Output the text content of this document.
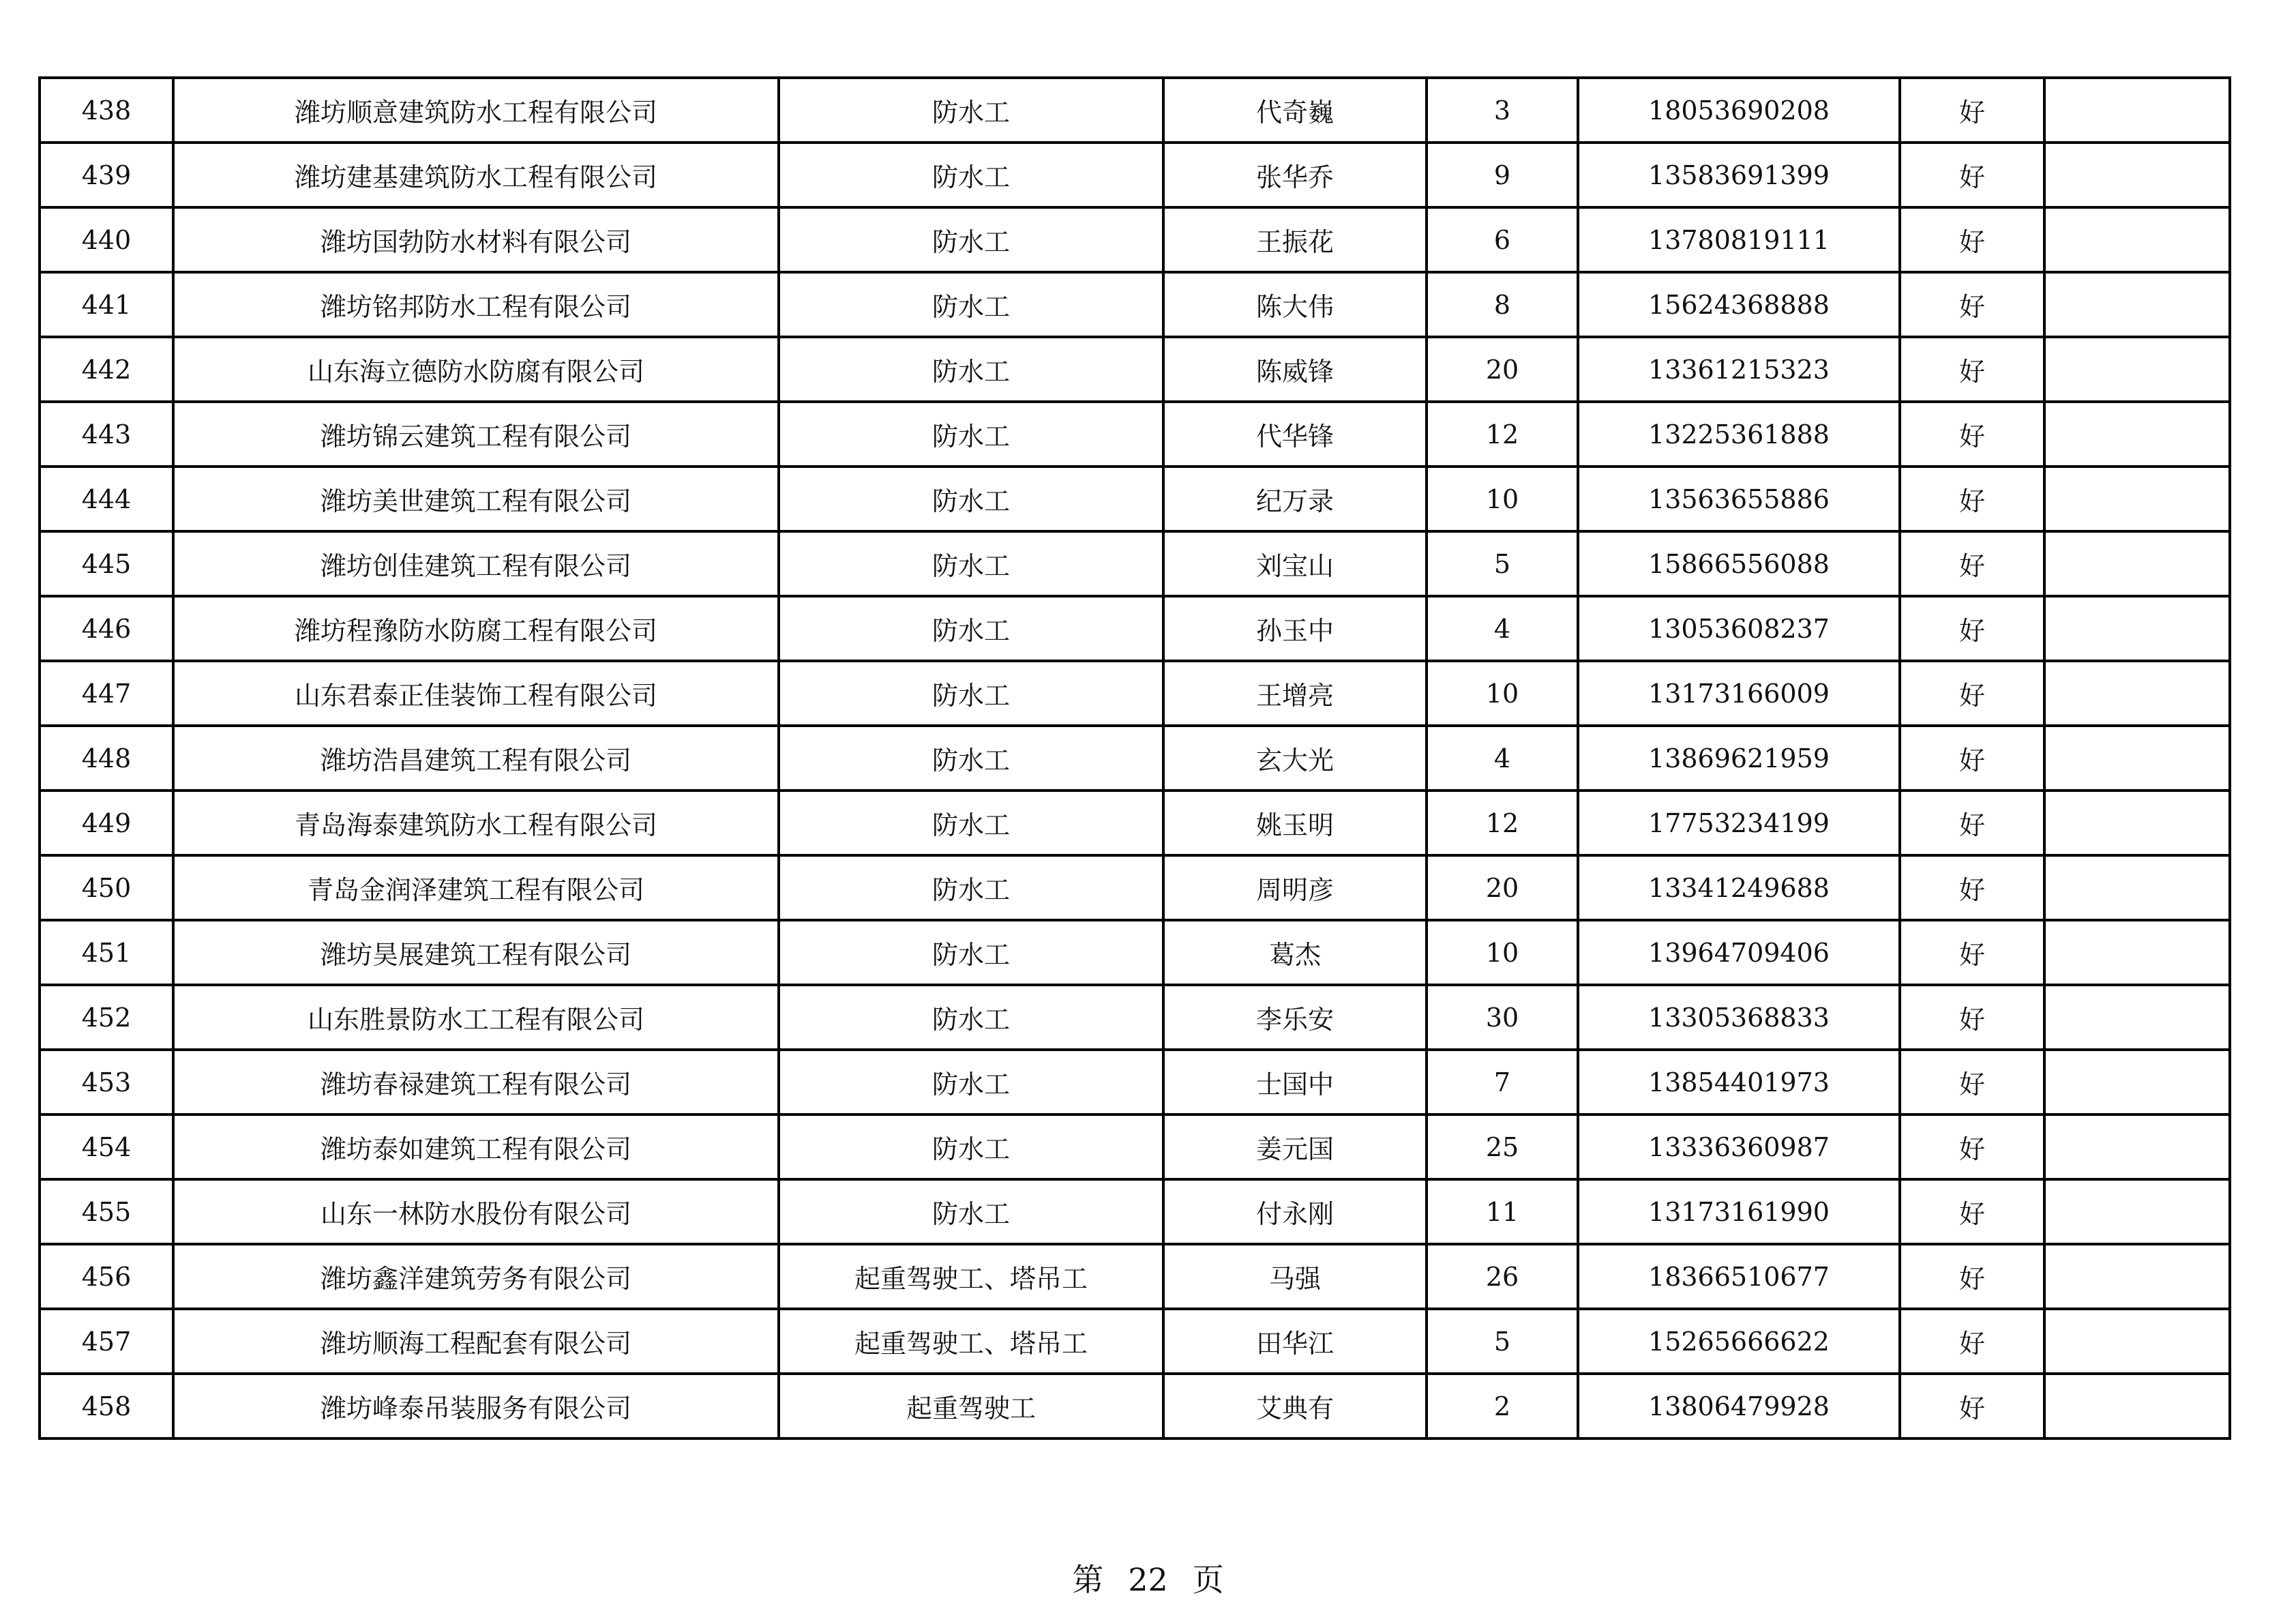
438	潍坊顺意建筑防水工程有限公司	防水工	代奇巍	3	18053690208	好	
439	潍坊建基建筑防水工程有限公司	防水工	张华乔	9	13583691399	好	
440	潍坊国勃防水材料有限公司	防水工	王振花	6	13780819111	好	
441	潍坊铭邦防水工程有限公司	防水工	陈大伟	8	15624368888	好	
442	山东海立德防水防腐有限公司	防水工	陈威锋	20	13361215323	好	
443	潍坊锦云建筑工程有限公司	防水工	代华锋	12	13225361888	好	
444	潍坊美世建筑工程有限公司	防水工	纪万录	10	13563655886	好	
445	潍坊创佳建筑工程有限公司	防水工	刘宝山	5	15866556088	好	
446	潍坊程豫防水防腐工程有限公司	防水工	孙玉中	4	13053608237	好	
447	山东君泰正佳装饰工程有限公司	防水工	王增亮	10	13173166009	好	
448	潍坊浩昌建筑工程有限公司	防水工	玄大光	4	13869621959	好	
449	青岛海泰建筑防水工程有限公司	防水工	姚玉明	12	17753234199	好	
450	青岛金润泽建筑工程有限公司	防水工	周明彦	20	13341249688	好	
451	潍坊昊展建筑工程有限公司	防水工	葛杰	10	13964709406	好	
452	山东胜景防水工工程有限公司	防水工	李乐安	30	13305368833	好	
453	潍坊春禄建筑工程有限公司	防水工	士国中	7	13854401973	好	
454	潍坊泰如建筑工程有限公司	防水工	姜元国	25	13336360987	好	
455	山东一林防水股份有限公司	防水工	付永刚	11	13173161990	好	
456	潍坊鑫洋建筑劳务有限公司	起重驾驶工、塔吊工	马强	26	18366510677	好	
457	潍坊顺海工程配套有限公司	起重驾驶工、塔吊工	田华江	5	15265666622	好	
458	潍坊峰泰吊装服务有限公司	起重驾驶工	艾典有	2	13806479928	好	
第 22 页
